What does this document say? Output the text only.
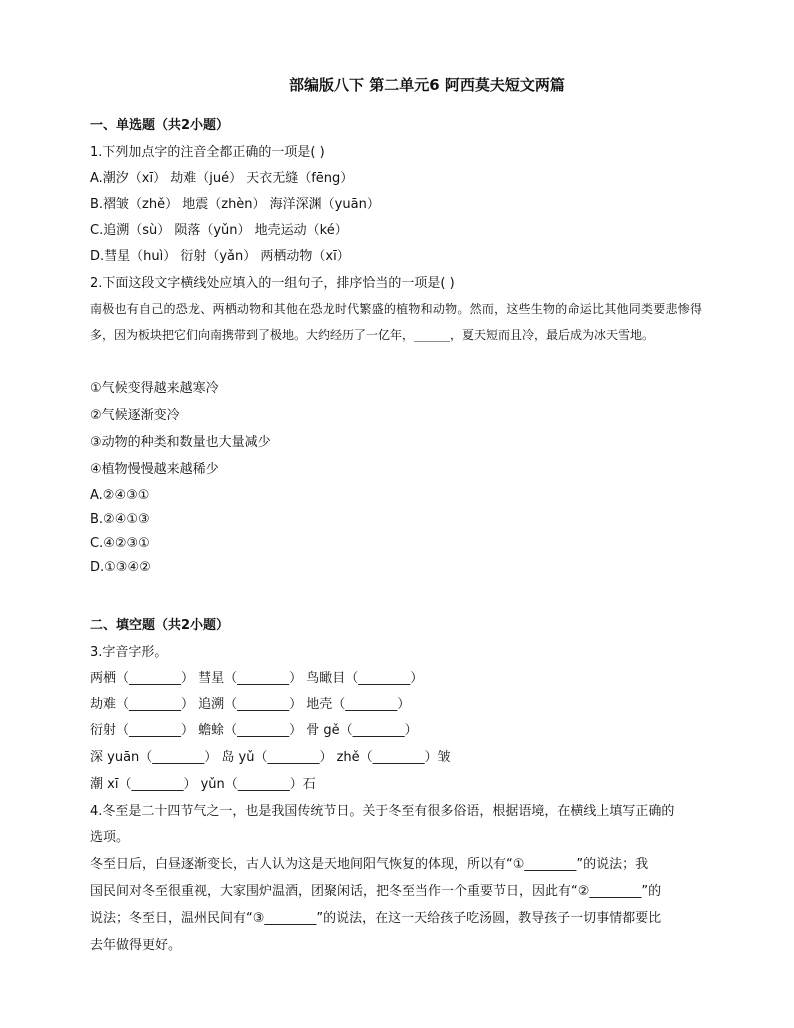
部编版八下 第二单元6 阿西莫夫短文两篇
一、单选题（共2小题）
1.下列加点字的注音全都正确的一项是( )
A.潮汐（xī） 劫难（jué） 天衣无缝（fēng）
B.褶皱（zhě） 地震（zhèn） 海洋深渊（yuān）
C.追溯（sù） 陨落（yǔn） 地壳运动（ké）
D.彗星（huì） 衍射（yǎn） 两栖动物（xī）
2.下面这段文字横线处应填入的一组句子，排序恰当的一项是( )
南极也有自己的恐龙、两栖动物和其他在恐龙时代繁盛的植物和动物。然而，这些生物的命运比其他同类要悲惨得多，因为板块把它们向南携带到了极地。大约经历了一亿年，______，夏天短而且冷，最后成为冰天雪地。
①气候变得越来越寒冷
②气候逐渐变冷
③动物的种类和数量也大量减少
④植物慢慢越来越稀少
A.②④③①
B.②④①③
C.④②③①
D.①③④②
二、填空题（共2小题）
3.字音字形。
两栖（________） 彗星（________） 鸟瞰目（________）
劫难（________） 追溯（________） 地壳（________）
衍射（________） 蟾蜍（________） 骨 gě（________）
深 yuān（________） 岛 yǔ（________） zhě（________）皱
潮 xī（________） yǔn（________）石
4.冬至是二十四节气之一，也是我国传统节日。关于冬至有很多俗语，根据语境，在横线上填写正确的
选项。
冬至日后，白昼逐渐变长，古人认为这是天地间阳气恢复的体现，所以有“①________”的说法；我
国民间对冬至很重视，大家围炉温酒，团聚闲话，把冬至当作一个重要节日，因此有“②________”的
说法；冬至日，温州民间有“③________”的说法，在这一天给孩子吃汤圆，教导孩子一切事情都要比
去年做得更好。
